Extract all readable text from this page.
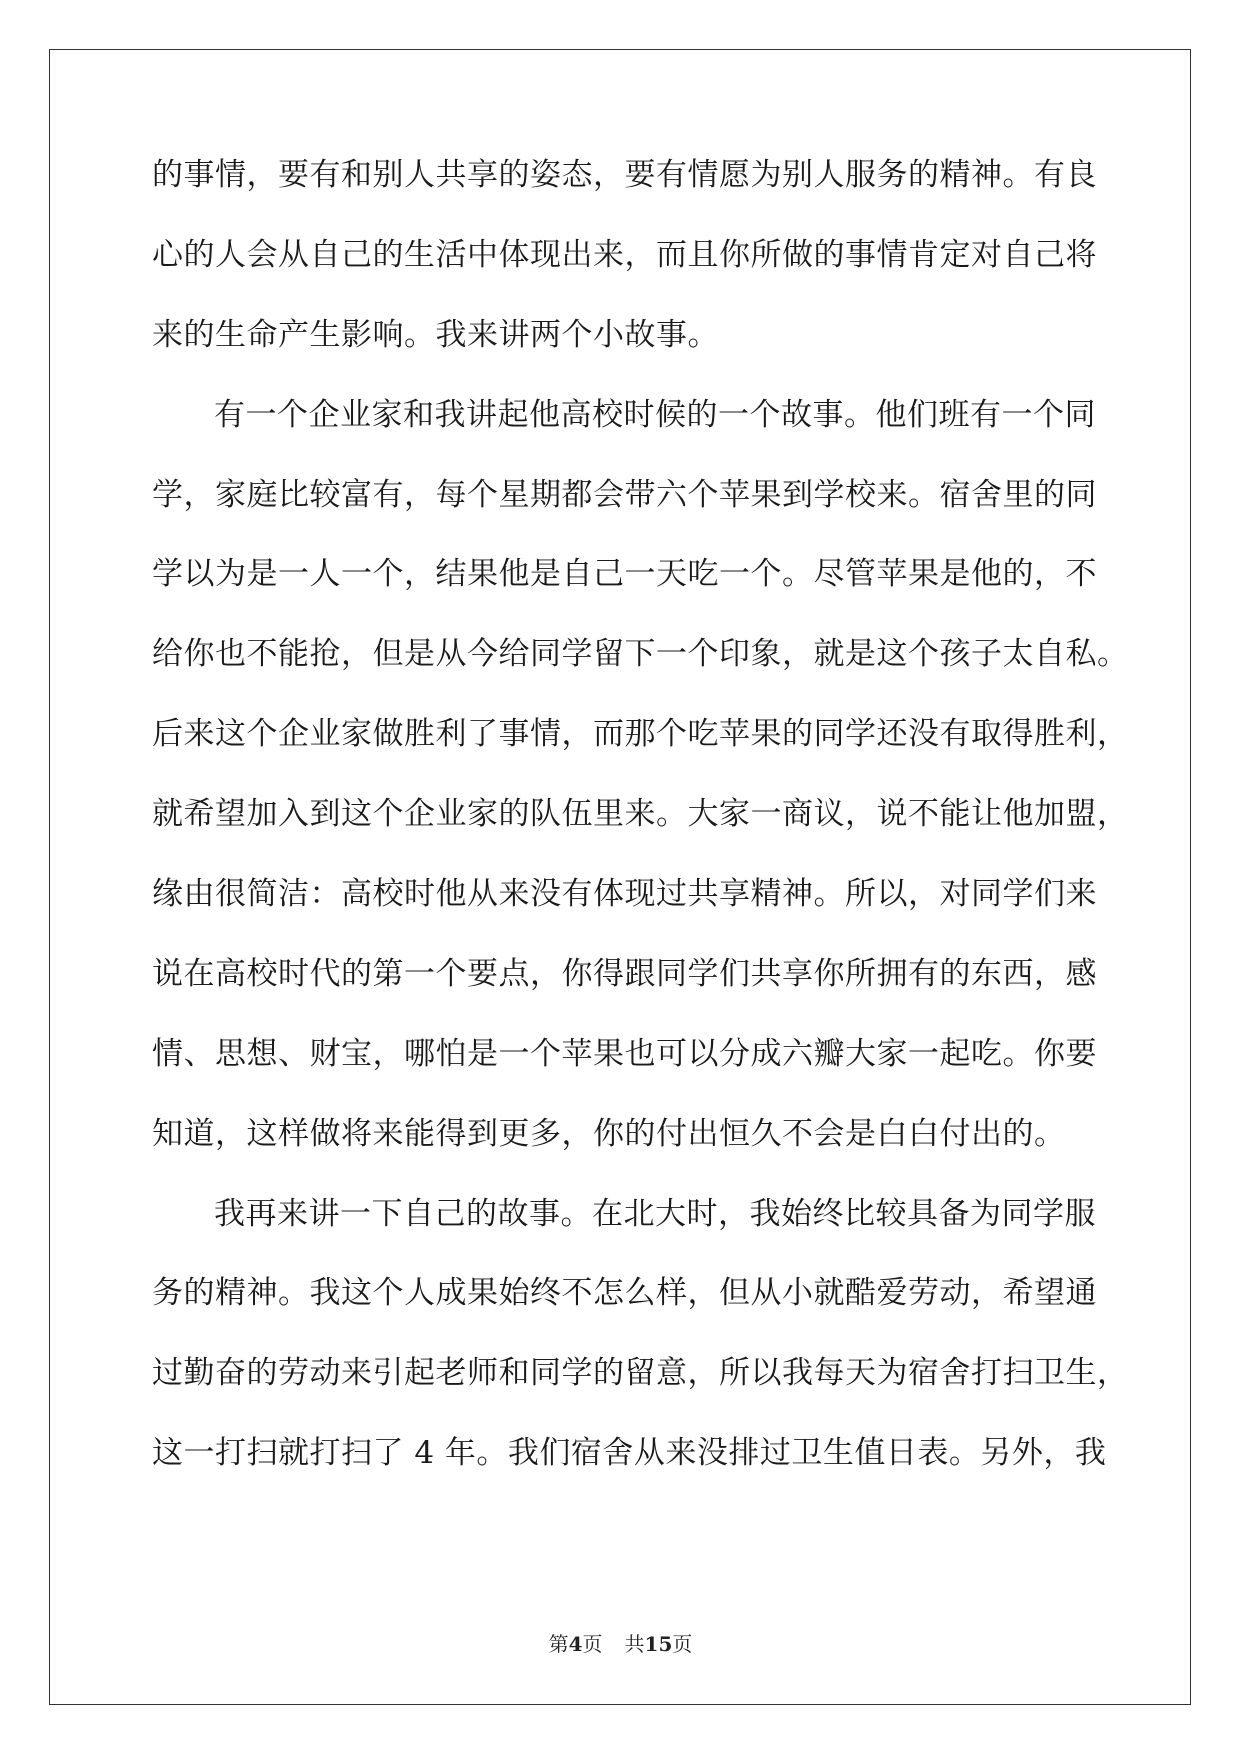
的事情，要有和别人共享的姿态，要有情愿为别人服务的精神。有良
心的人会从自己的生活中体现出来，而且你所做的事情肯定对自己将
来的生命产生影响。我来讲两个小故事。
有一个企业家和我讲起他高校时候的一个故事。他们班有一个同
学，家庭比较富有，每个星期都会带六个苹果到学校来。宿舍里的同
学以为是一人一个，结果他是自己一天吃一个。尽管苹果是他的，不
给你也不能抢，但是从今给同学留下一个印象，就是这个孩子太自私。
后来这个企业家做胜利了事情，而那个吃苹果的同学还没有取得胜利，
就希望加入到这个企业家的队伍里来。大家一商议，说不能让他加盟，
缘由很简洁：高校时他从来没有体现过共享精神。所以，对同学们来
说在高校时代的第一个要点，你得跟同学们共享你所拥有的东西，感
情、思想、财宝，哪怕是一个苹果也可以分成六瓣大家一起吃。你要
知道，这样做将来能得到更多，你的付出恒久不会是白白付出的。
我再来讲一下自己的故事。在北大时，我始终比较具备为同学服
务的精神。我这个人成果始终不怎么样，但从小就酷爱劳动，希望通
过勤奋的劳动来引起老师和同学的留意，所以我每天为宿舍打扫卫生，
这一打扫就打扫了 4 年。我们宿舍从来没排过卫生值日表。另外，我
第4页 共15页
